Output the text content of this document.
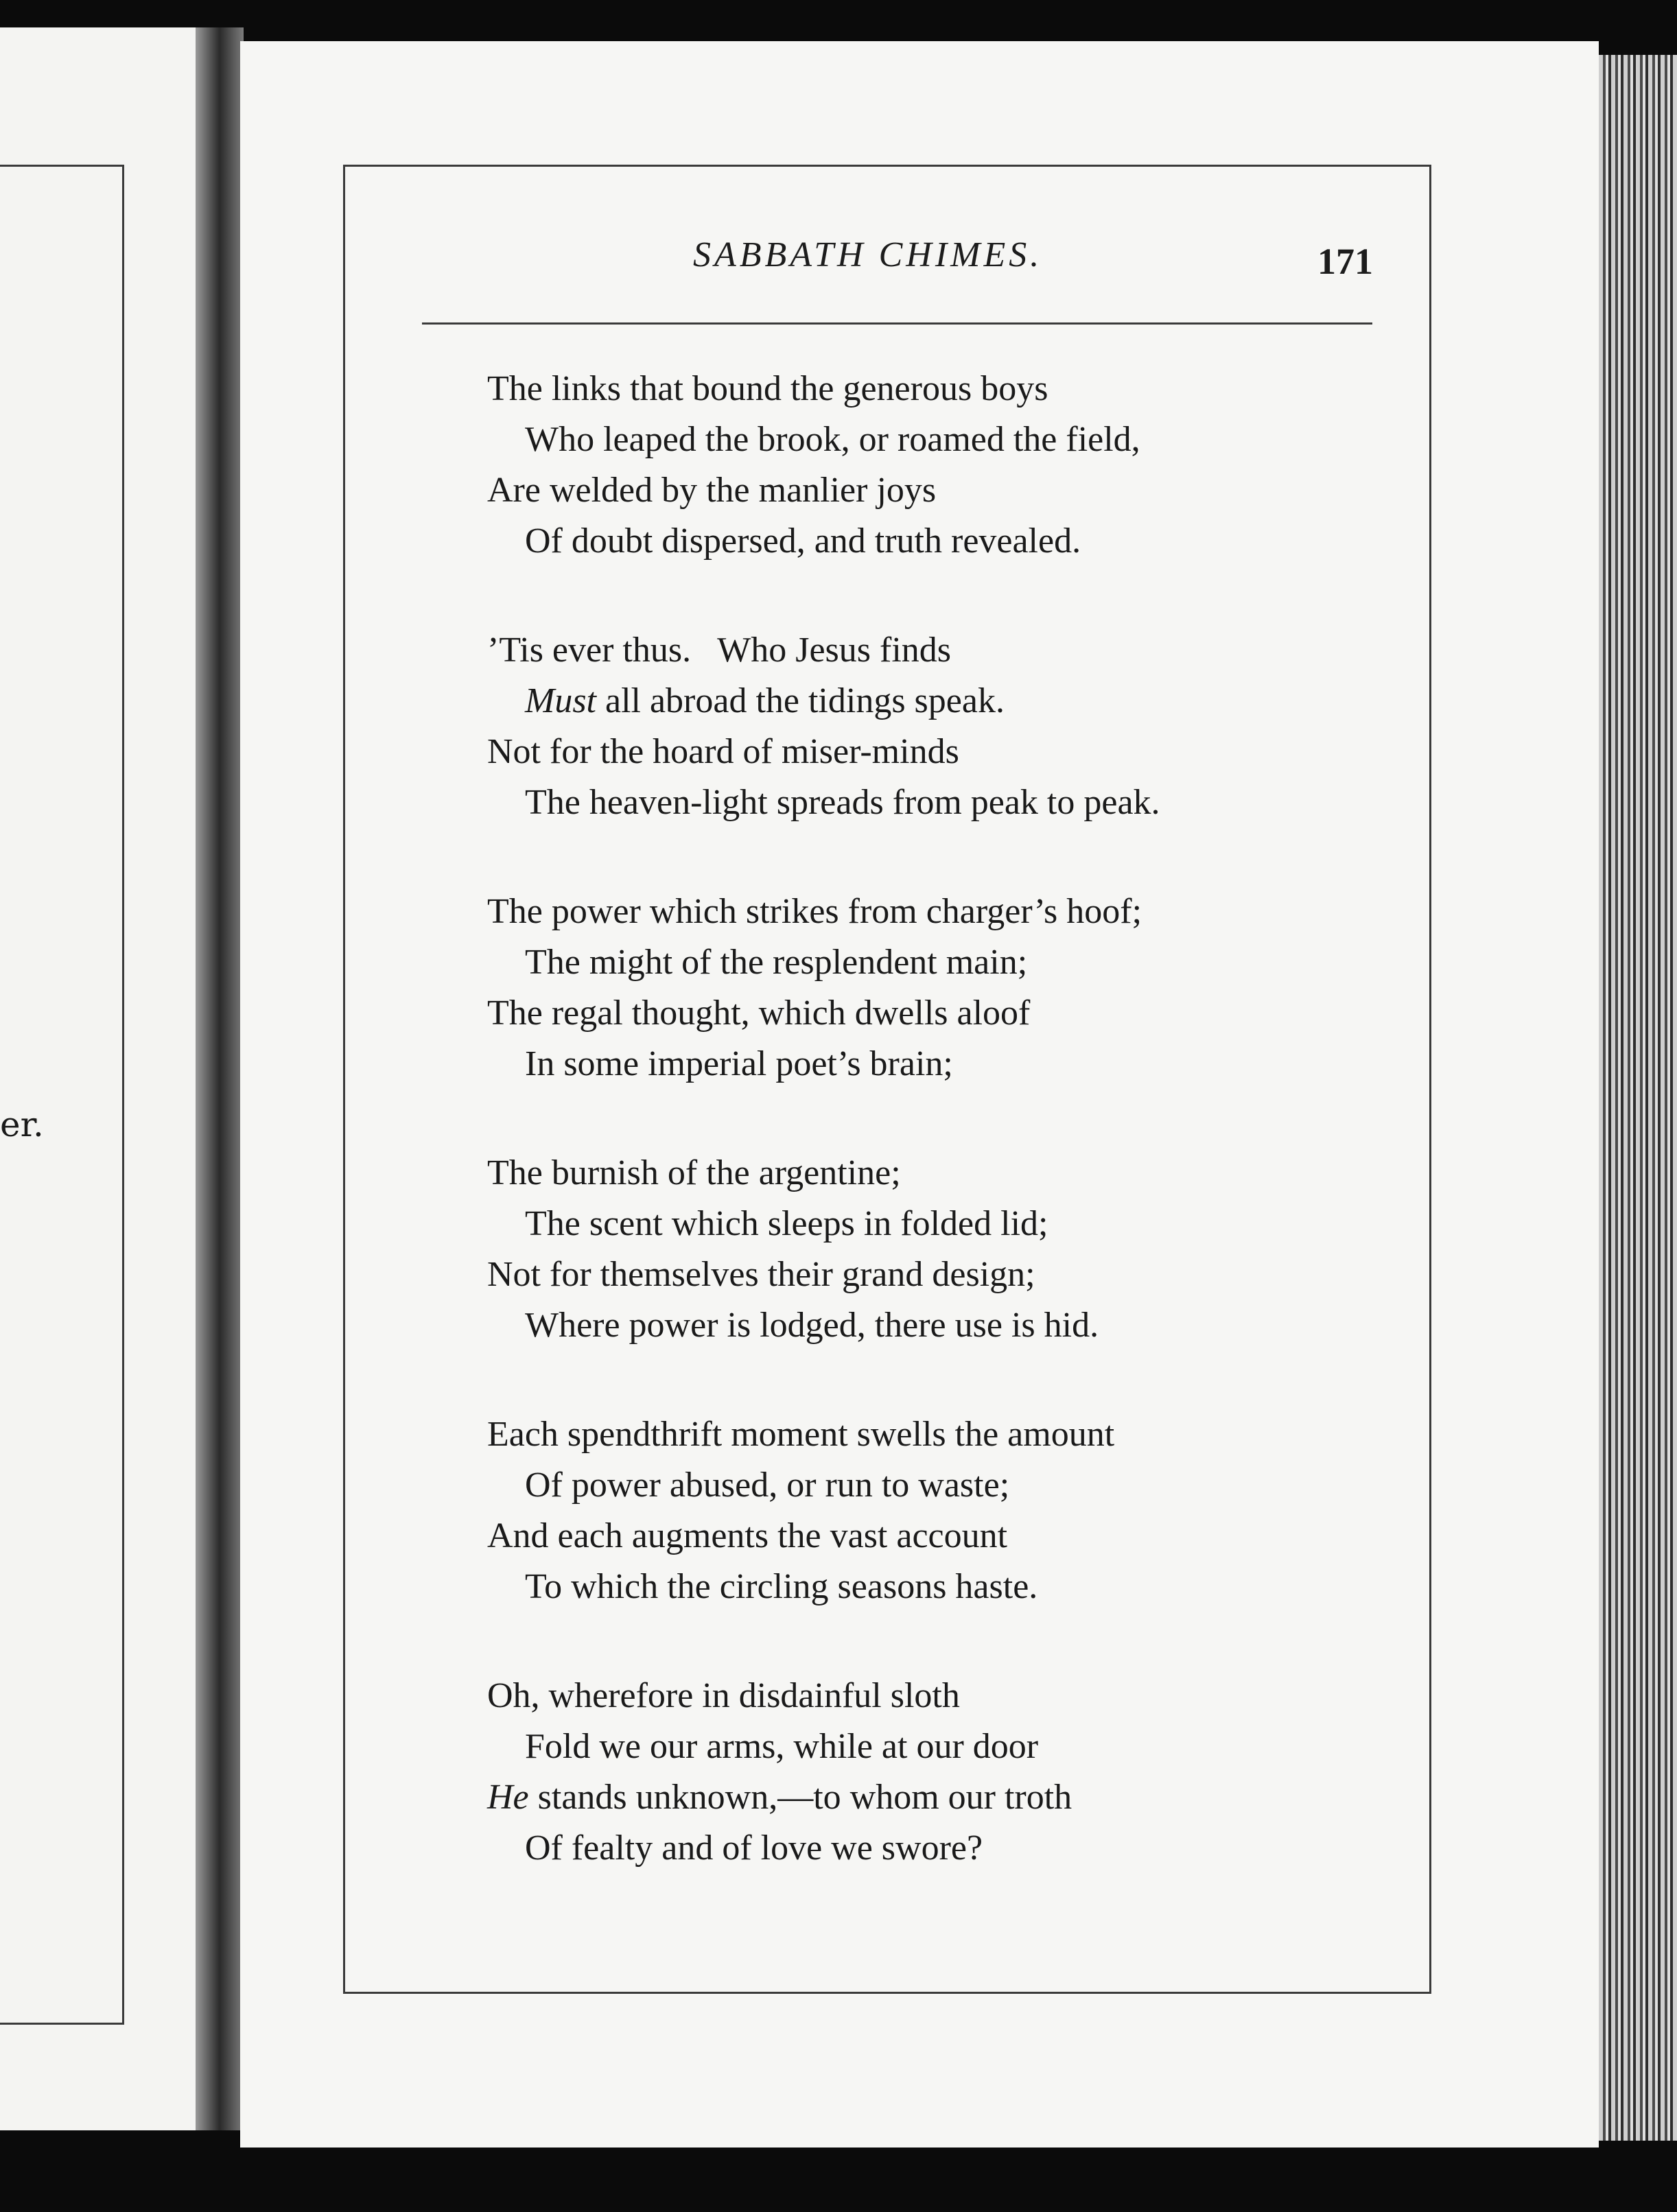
er.
SABBATH CHIMES.	171
The links that bound the generous boys
Who leaped the brook, or roamed the field,
Are welded by the manlier joys
Of doubt dispersed, and truth revealed.
’Tis ever thus.   Who Jesus finds
Must all abroad the tidings speak.
Not for the hoard of miser-minds
The heaven-light spreads from peak to peak.
The power which strikes from charger’s hoof;
The might of the resplendent main;
The regal thought, which dwells aloof
In some imperial poet’s brain;
The burnish of the argentine;
The scent which sleeps in folded lid;
Not for themselves their grand design;
Where power is lodged, there use is hid.
Each spendthrift moment swells the amount
Of power abused, or run to waste;
And each augments the vast account
To which the circling seasons haste.
Oh, wherefore in disdainful sloth
Fold we our arms, while at our door
He stands unknown,—to whom our troth
Of fealty and of love we swore?
